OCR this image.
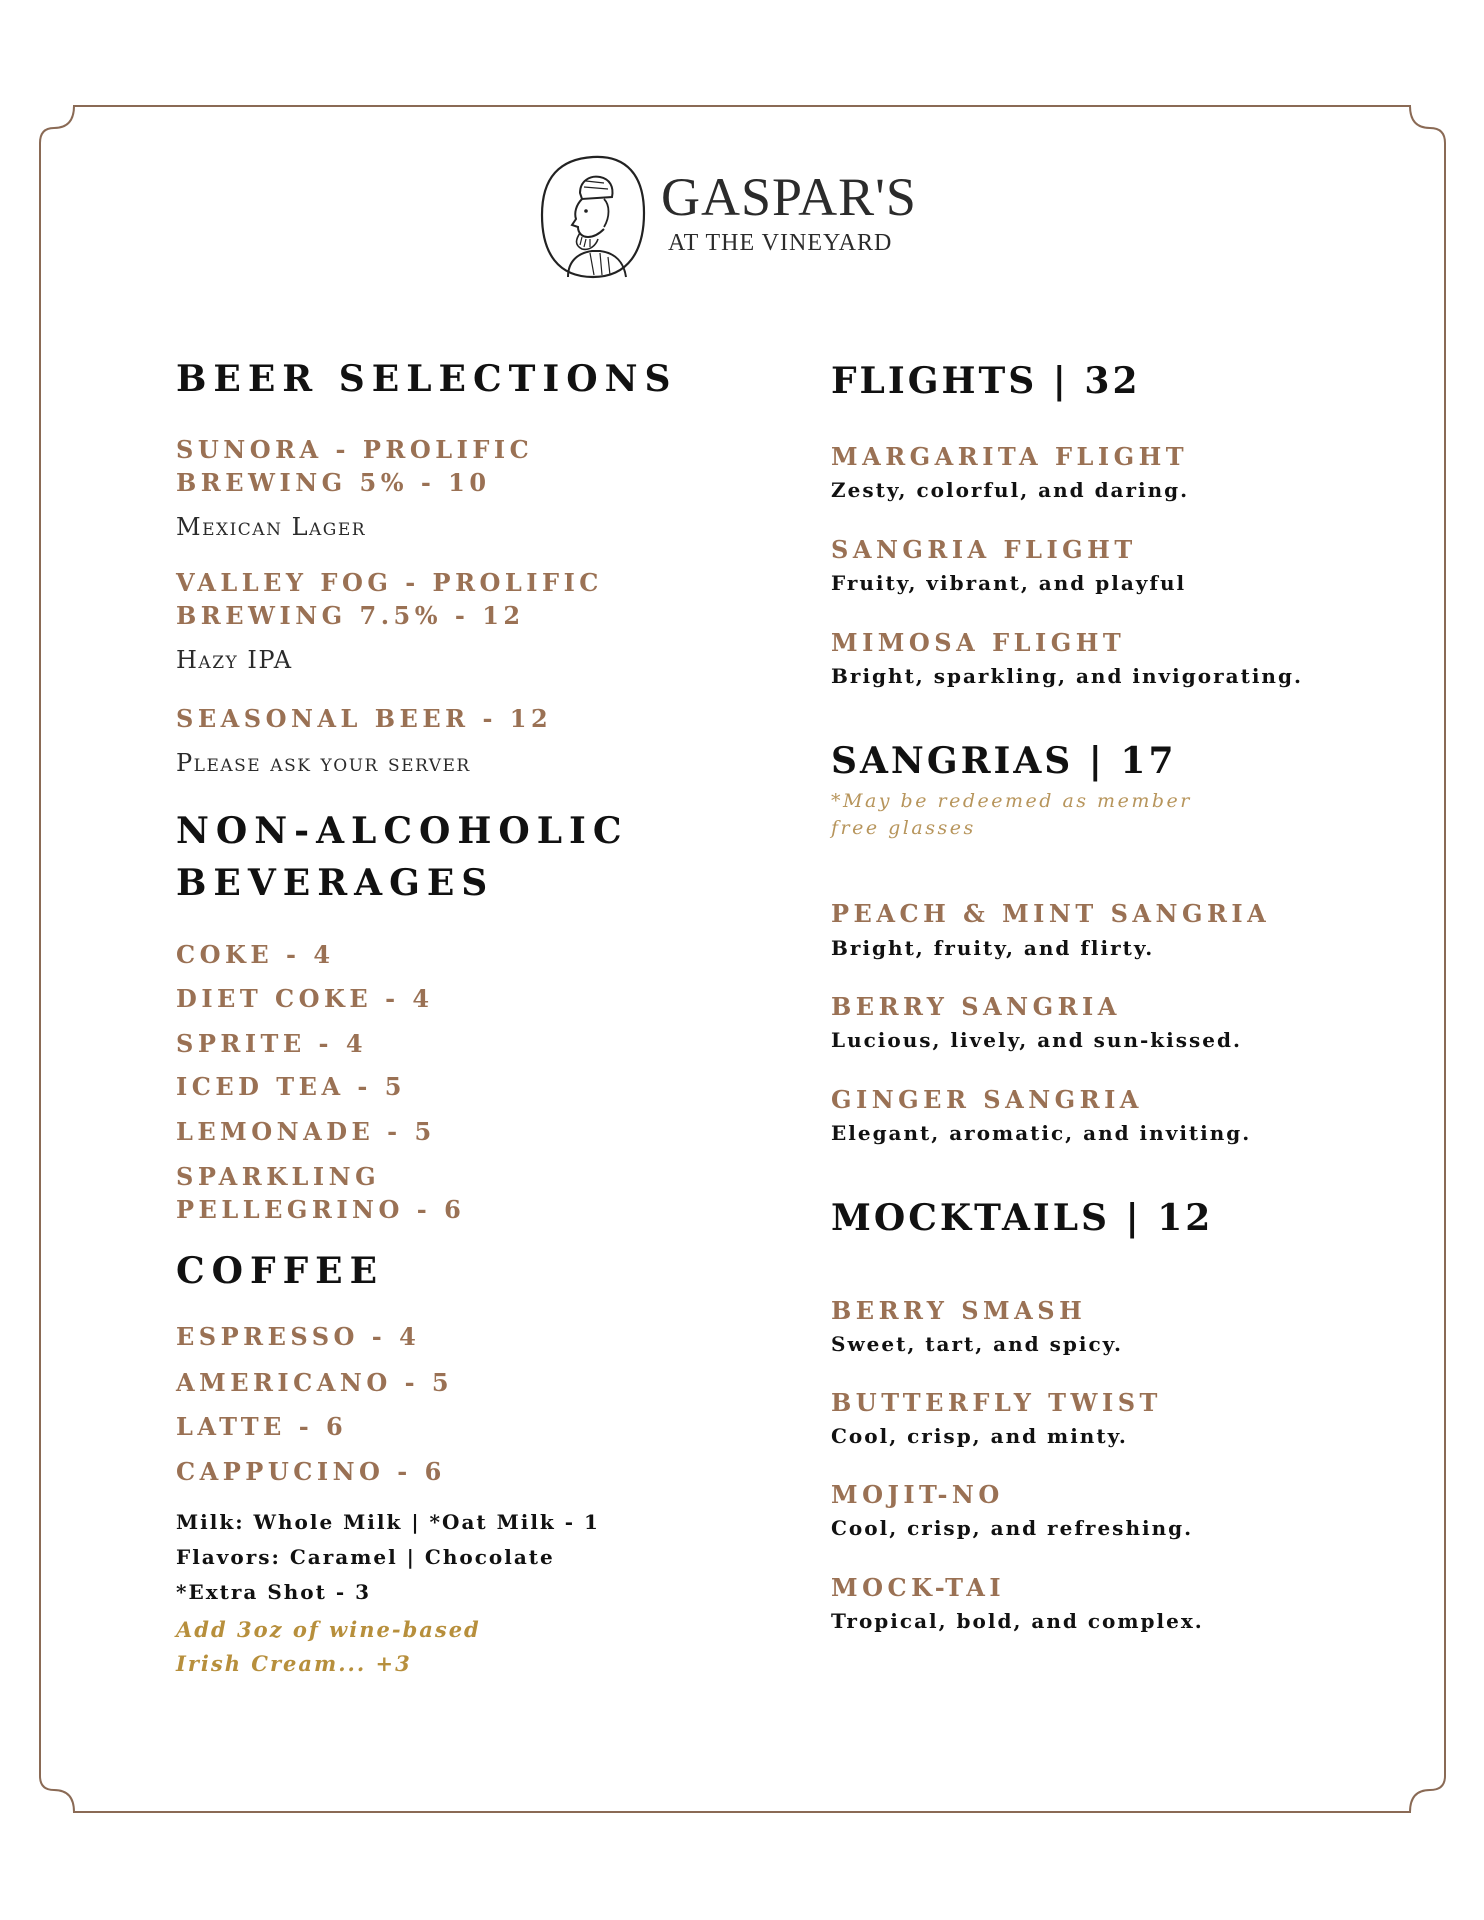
GASPAR'S
AT THE VINEYARD
BEER SELECTIONS
SUNORA - PROLIFIC
BREWING 5% - 10
Mexican Lager
VALLEY FOG - PROLIFIC
BREWING 7.5% - 12
Hazy IPA
SEASONAL BEER - 12
Please ask your server
NON-ALCOHOLIC
BEVERAGES
COKE - 4
DIET COKE - 4
SPRITE - 4
ICED TEA - 5
LEMONADE - 5
SPARKLING
PELLEGRINO - 6
COFFEE
ESPRESSO - 4
AMERICANO - 5
LATTE - 6
CAPPUCINO - 6
Milk: Whole Milk | *Oat Milk - 1
Flavors: Caramel | Chocolate
*Extra Shot - 3
Add 3oz of wine-based
Irish Cream... +3
FLIGHTS | 32
MARGARITA FLIGHT
Zesty, colorful, and daring.
SANGRIA FLIGHT
Fruity, vibrant, and playful
MIMOSA FLIGHT
Bright, sparkling, and invigorating.
SANGRIAS | 17
*May be redeemed as member
free glasses
PEACH & MINT SANGRIA
Bright, fruity, and flirty.
BERRY SANGRIA
Lucious, lively, and sun-kissed.
GINGER SANGRIA
Elegant, aromatic, and inviting.
MOCKTAILS | 12
BERRY SMASH
Sweet, tart, and spicy.
BUTTERFLY TWIST
Cool, crisp, and minty.
MOJIT-NO
Cool, crisp, and refreshing.
MOCK-TAI
Tropical, bold, and complex.
